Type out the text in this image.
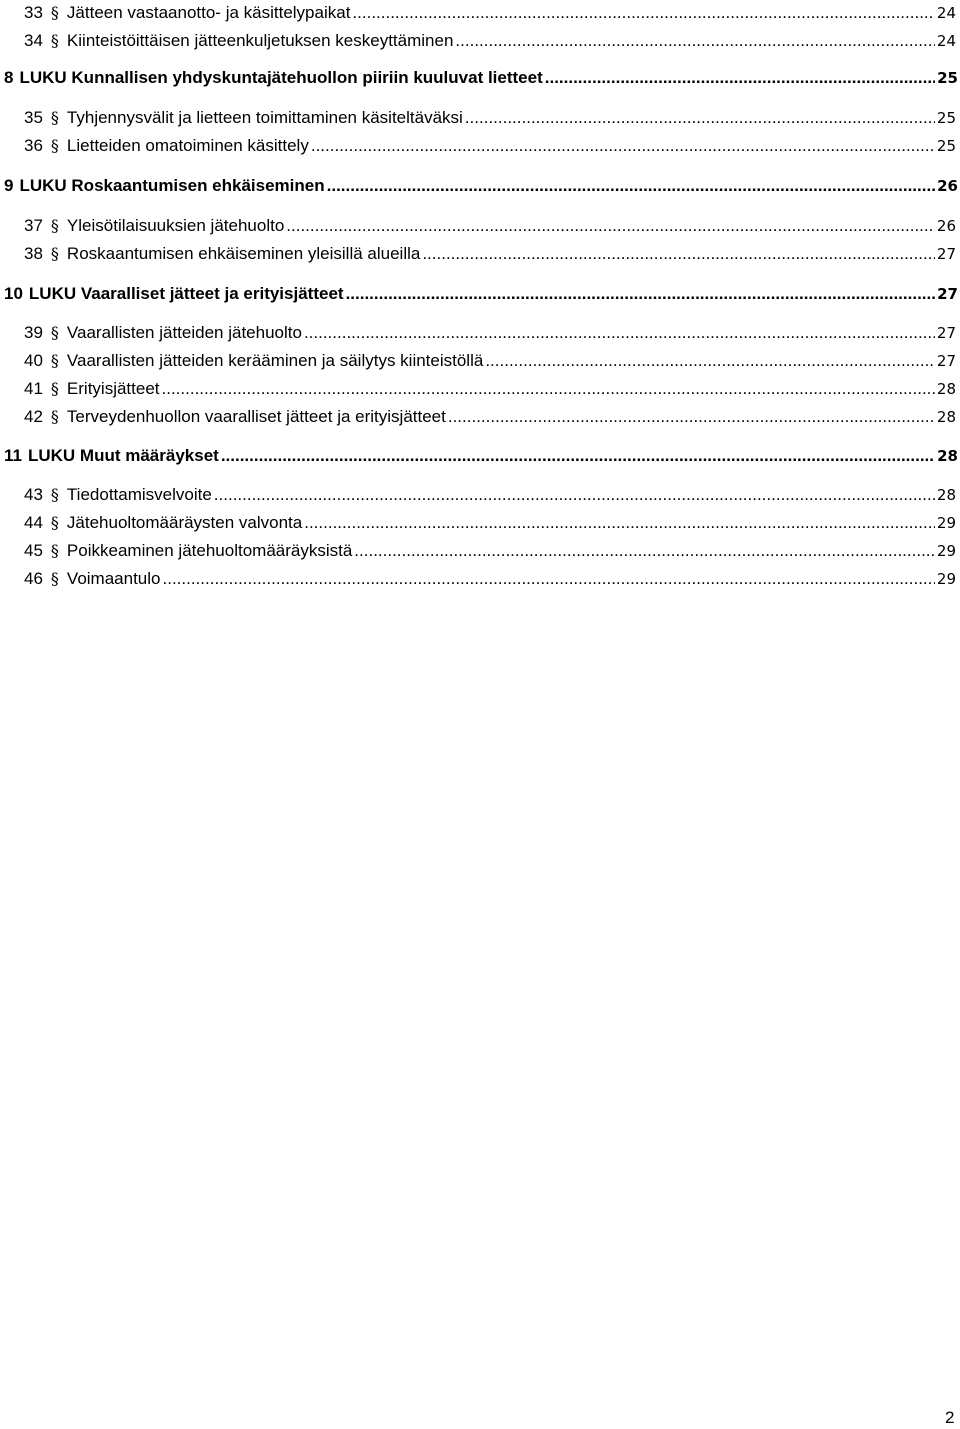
33 § Jätteen vastaanotto- ja käsittelypaikat .....	24
34 § Kiinteistöittäisen jätteenkuljetuksen keskeyttäminen .....	24
8 LUKU Kunnallisen yhdyskuntajätehuollon piiriin kuuluvat lietteet .....	25
35 § Tyhjennysvälit ja lietteen toimittaminen käsiteltäväksi .....	25
36 § Lietteiden omatoiminen käsittely .....	25
9 LUKU Roskaantumisen ehkäiseminen .....	26
37 § Yleisötilaisuuksien jätehuolto .....	26
38 § Roskaantumisen ehkäiseminen yleisillä alueilla .....	27
10 LUKU Vaaralliset jätteet ja erityisjätteet .....	27
39 § Vaarallisten jätteiden jätehuolto .....	27
40 § Vaarallisten jätteiden kerääminen ja säilytys kiinteistöllä .....	27
41 § Erityisjätteet .....	28
42 § Terveydenhuollon vaaralliset jätteet ja erityisjätteet .....	28
11 LUKU Muut määräykset .....	28
43 § Tiedottamisvelvoite .....	28
44 § Jätehuoltomääräysten valvonta .....	29
45 § Poikkeaminen jätehuoltomääräyksistä .....	29
46 § Voimaantulo .....	29
2
